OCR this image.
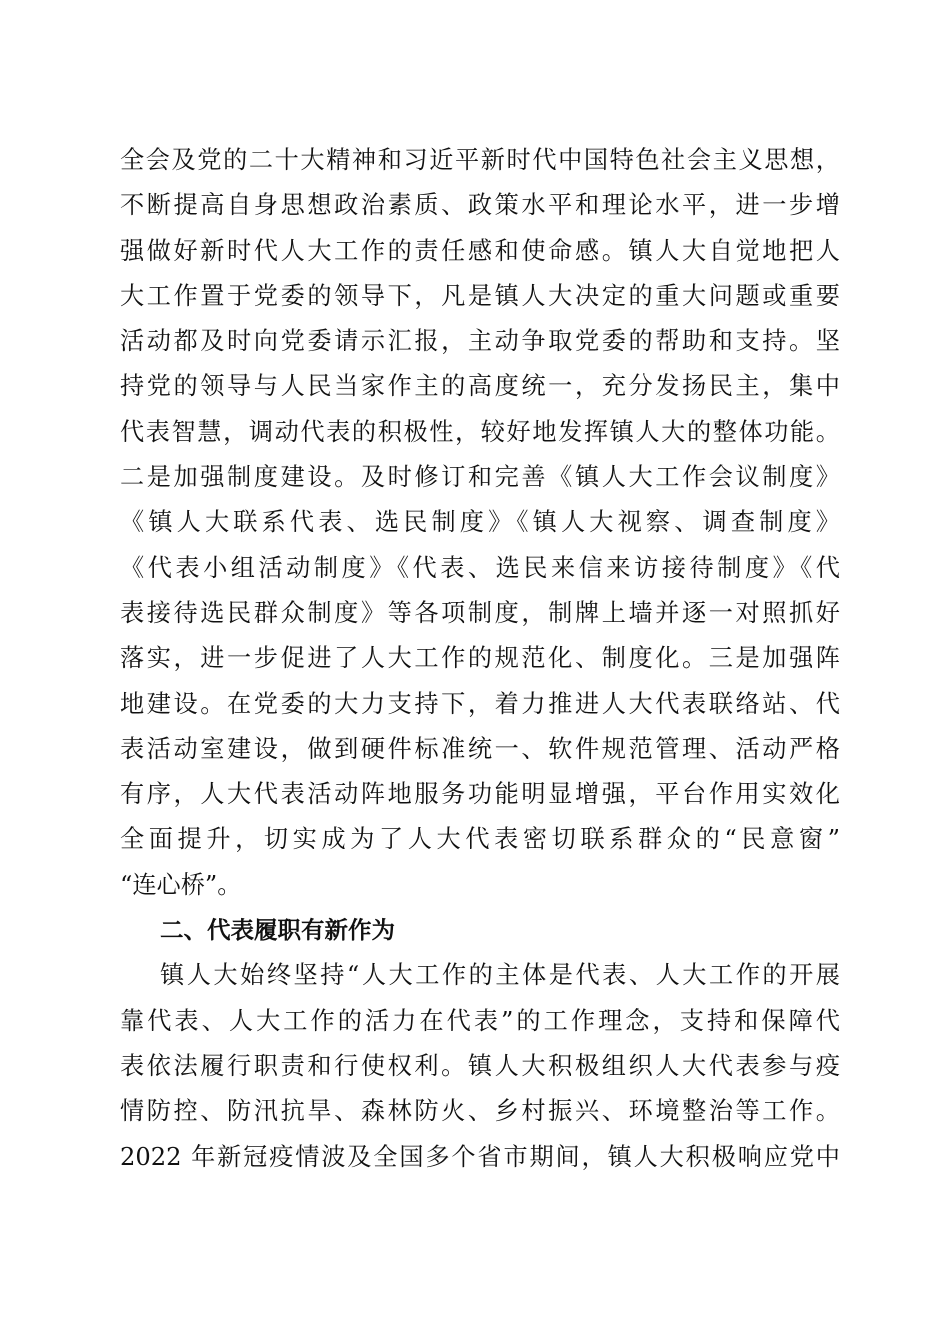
全会及党的二十大精神和习近平新时代中国特色社会主义思想，
不断提高自身思想政治素质、政策水平和理论水平，进一步增
强做好新时代人大工作的责任感和使命感。镇人大自觉地把人
大工作置于党委的领导下，凡是镇人大决定的重大问题或重要
活动都及时向党委请示汇报，主动争取党委的帮助和支持。坚
持党的领导与人民当家作主的高度统一，充分发扬民主，集中
代表智慧，调动代表的积极性，较好地发挥镇人大的整体功能。
二是加强制度建设。及时修订和完善《镇人大工作会议制度》
《镇人大联系代表、选民制度》《镇人大视察、调查制度》
《代表小组活动制度》《代表、选民来信来访接待制度》《代
表接待选民群众制度》等各项制度，制牌上墙并逐一对照抓好
落实，进一步促进了人大工作的规范化、制度化。三是加强阵
地建设。在党委的大力支持下，着力推进人大代表联络站、代
表活动室建设，做到硬件标准统一、软件规范管理、活动严格
有序，人大代表活动阵地服务功能明显增强，平台作用实效化
全面提升，切实成为了人大代表密切联系群众的“民意窗”
“连心桥”。
二、代表履职有新作为
镇人大始终坚持“人大工作的主体是代表、人大工作的开展
靠代表、人大工作的活力在代表”的工作理念，支持和保障代
表依法履行职责和行使权利。镇人大积极组织人大代表参与疫
情防控、防汛抗旱、森林防火、乡村振兴、环境整治等工作。
2022 年新冠疫情波及全国多个省市期间，镇人大积极响应党中
